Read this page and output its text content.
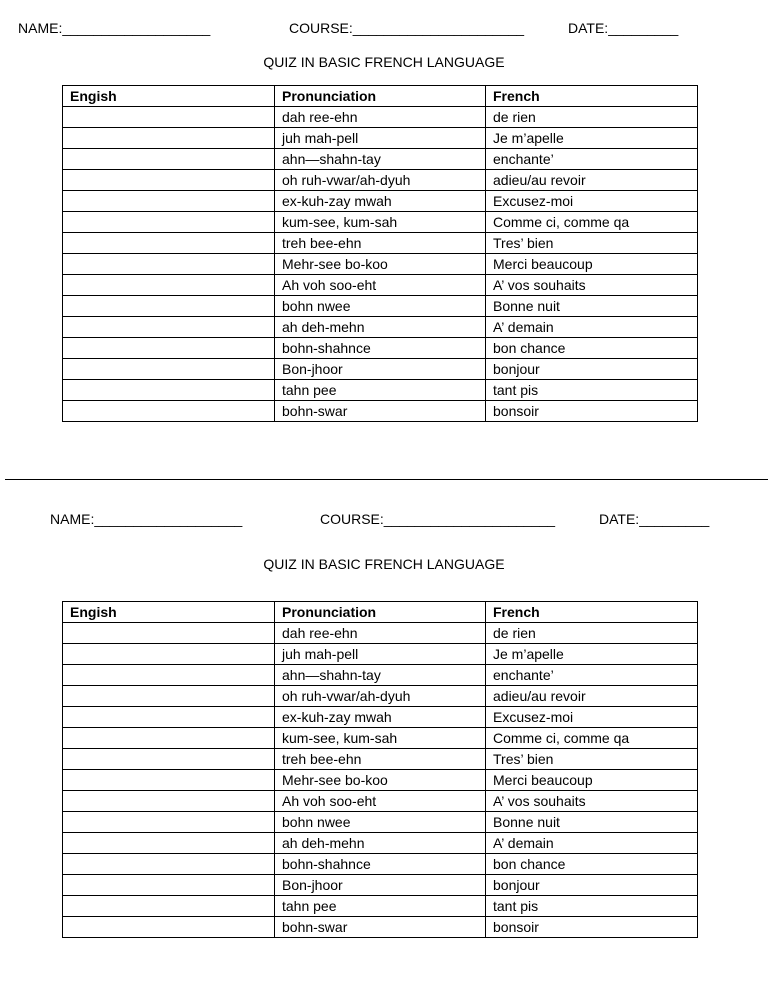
NAME:___________________	COURSE:______________________	DATE:_________
QUIZ IN BASIC FRENCH LANGUAGE
Engish	Pronunciation	French
	dah ree-ehn	de rien
	juh mah-pell	Je m’apelle
	ahn—shahn-tay	enchante’
	oh ruh-vwar/ah-dyuh	adieu/au revoir
	ex-kuh-zay mwah	Excusez-moi
	kum-see, kum-sah	Comme ci, comme qa
	treh bee-ehn	Tres’ bien
	Mehr-see bo-koo	Merci beaucoup
	Ah voh soo-eht	A’ vos souhaits
	bohn nwee	Bonne nuit
	ah deh-mehn	A’ demain
	bohn-shahnce	bon chance
	Bon-jhoor	bonjour
	tahn pee	tant pis
	bohn-swar	bonsoir
NAME:___________________	COURSE:______________________	DATE:_________
QUIZ IN BASIC FRENCH LANGUAGE
Engish	Pronunciation	French
	dah ree-ehn	de rien
	juh mah-pell	Je m’apelle
	ahn—shahn-tay	enchante’
	oh ruh-vwar/ah-dyuh	adieu/au revoir
	ex-kuh-zay mwah	Excusez-moi
	kum-see, kum-sah	Comme ci, comme qa
	treh bee-ehn	Tres’ bien
	Mehr-see bo-koo	Merci beaucoup
	Ah voh soo-eht	A’ vos souhaits
	bohn nwee	Bonne nuit
	ah deh-mehn	A’ demain
	bohn-shahnce	bon chance
	Bon-jhoor	bonjour
	tahn pee	tant pis
	bohn-swar	bonsoir
